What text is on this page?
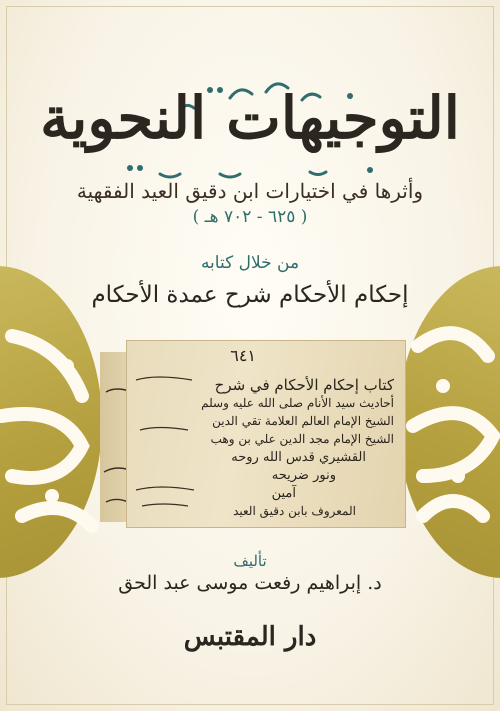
التوجيهات النحوية
وأثرها في اختيارات ابن دقيق العيد الفقهية
( ٦٢٥ - ٧٠٢ هـ )
من خلال كتابه
إحكام الأحكام شرح عمدة الأحكام
٦٤١
كتاب إحكام الأحكام في شرح
أحاديث سيد الأنام صلى الله عليه وسلم
الشيخ الإمام العالم العلامة تقي الدين
الشيخ الإمام مجد الدين علي بن وهب
القشيري قدس الله روحه
ونور ضريحه
آمين
المعروف بابن دقيق العيد
تأليف
د. إبراهيم رفعت موسى عبد الحق
دار المقتبس
